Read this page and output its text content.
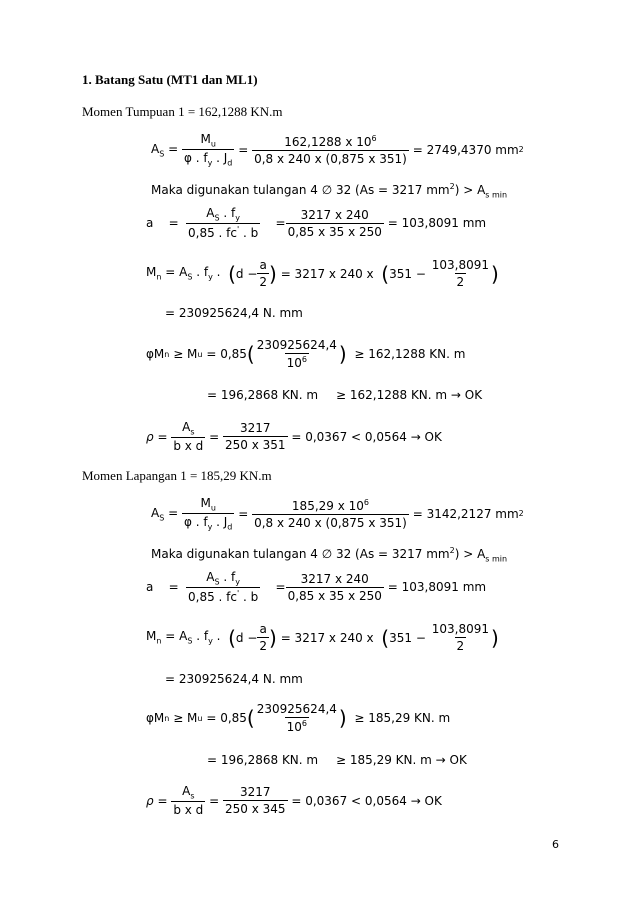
1. Batang Satu (MT1 dan ML1)
Momen Tumpuan 1 = 162,1288 KN.m
$A_S = \frac{M_u}{\varphi . f_y . J_d} = \frac{162,1288 x 10^6}{0,8 x 240 x (0,875 x 351)}$
= 2749,4370 mm 2
Maka digunakan tulangan 4 ∅ 32 (As = 3217 $mm^2) > A_{s min}$
a    = $\frac{A_S . f_y}{0,85 . fc' . b} = \frac{3217 x 240}{0,85 x 35 x 250}$
= 103,8091 mm
$M_n = A_S$ . $f_y$ . ( $d - \frac{a}{2}$ )
= 3217 x 240 x
( 351 −
$\frac{103,8091}{2}$ )
= 230925624,4 N. mm
φM n
≥ M u
= 0,85 ( $\frac{230925624,4}{10^6}$ )
≥ 162,1288 KN. m
= 196,2868 KN. m ≥ 162,1288 KN. m → OK
$\rho = \frac{A_s}{\text{b x d}} = \frac{3217}{250 x 351}$
= 0,0367 < 0,0564 → OK
Momen Lapangan 1 = 185,29 KN.m
$A_S = \frac{M_u}{\varphi . f_y . J_d} = \frac{185,29 x 10^6}{0,8 x 240 x (0,875 x 351)}$
= 3142,2127 mm 2
Maka digunakan tulangan 4 ∅ 32 (As = 3217 $mm^2) > A_{s min}$
a    = $\frac{A_S . f_y}{0,85 . fc' . b} = \frac{3217 x 240}{0,85 x 35 x 250}$
= 103,8091 mm
$M_n = A_S$ . $f_y$ . ( $d - \frac{a}{2}$ )
= 3217 x 240 x
( 351 −
$\frac{103,8091}{2}$ )
= 230925624,4 N. mm
φM n
≥ M u
= 0,85 ( $\frac{230925624,4}{10^6}$ )
≥ 185,29 KN. m
= 196,2868 KN. m ≥ 185,29 KN. m → OK
$\rho = \frac{A_s}{\text{b x d}} = \frac{3217}{250 x 345}$
= 0,0367 < 0,0564 → OK
6
